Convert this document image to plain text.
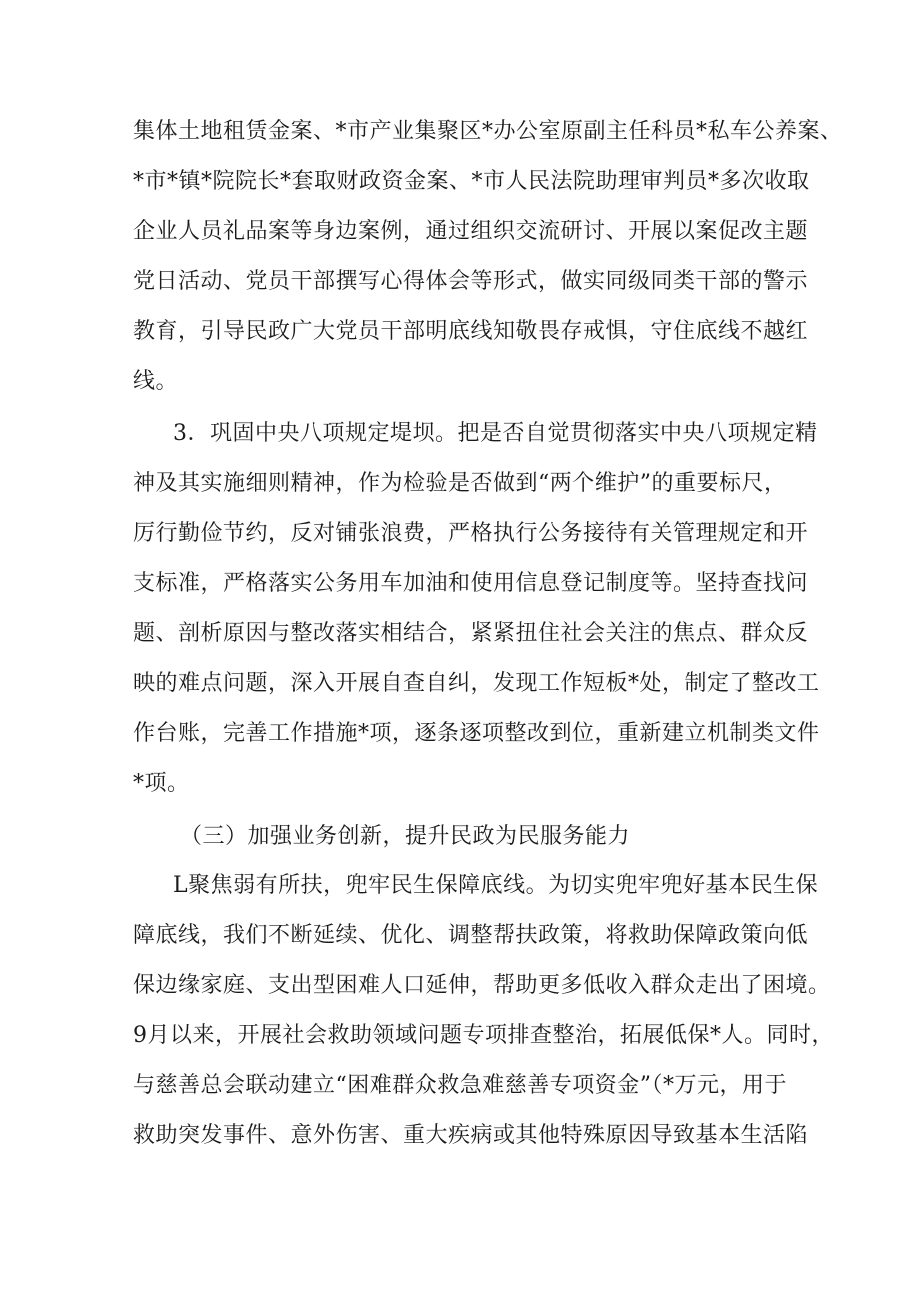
集体土地租赁金案、*市产业集聚区*办公室原副主任科员*私车公养案、
*市*镇*院院长*套取财政资金案、*市人民法院助理审判员*多次收取
企业人员礼品案等身边案例，通过组织交流研讨、开展以案促改主题
党日活动、党员干部撰写心得体会等形式，做实同级同类干部的警示
教育，引导民政广大党员干部明底线知敬畏存戒惧，守住底线不越红
线。
3．巩固中央八项规定堤坝。把是否自觉贯彻落实中央八项规定精
神及其实施细则精神，作为检验是否做到“两个维护”的重要标尺，
厉行勤俭节约，反对铺张浪费，严格执行公务接待有关管理规定和开
支标准，严格落实公务用车加油和使用信息登记制度等。坚持查找问
题、剖析原因与整改落实相结合，紧紧扭住社会关注的焦点、群众反
映的难点问题，深入开展自查自纠，发现工作短板*处，制定了整改工
作台账，完善工作措施*项，逐条逐项整改到位，重新建立机制类文件
*项。
（三）加强业务创新，提升民政为民服务能力
L聚焦弱有所扶，兜牢民生保障底线。为切实兜牢兜好基本民生保
障底线，我们不断延续、优化、调整帮扶政策，将救助保障政策向低
保边缘家庭、支出型困难人口延伸，帮助更多低收入群众走出了困境。
9月以来，开展社会救助领域问题专项排查整治，拓展低保*人。同时，
与慈善总会联动建立“困难群众救急难慈善专项资金”（*万元，用于
救助突发事件、意外伤害、重大疾病或其他特殊原因导致基本生活陷
